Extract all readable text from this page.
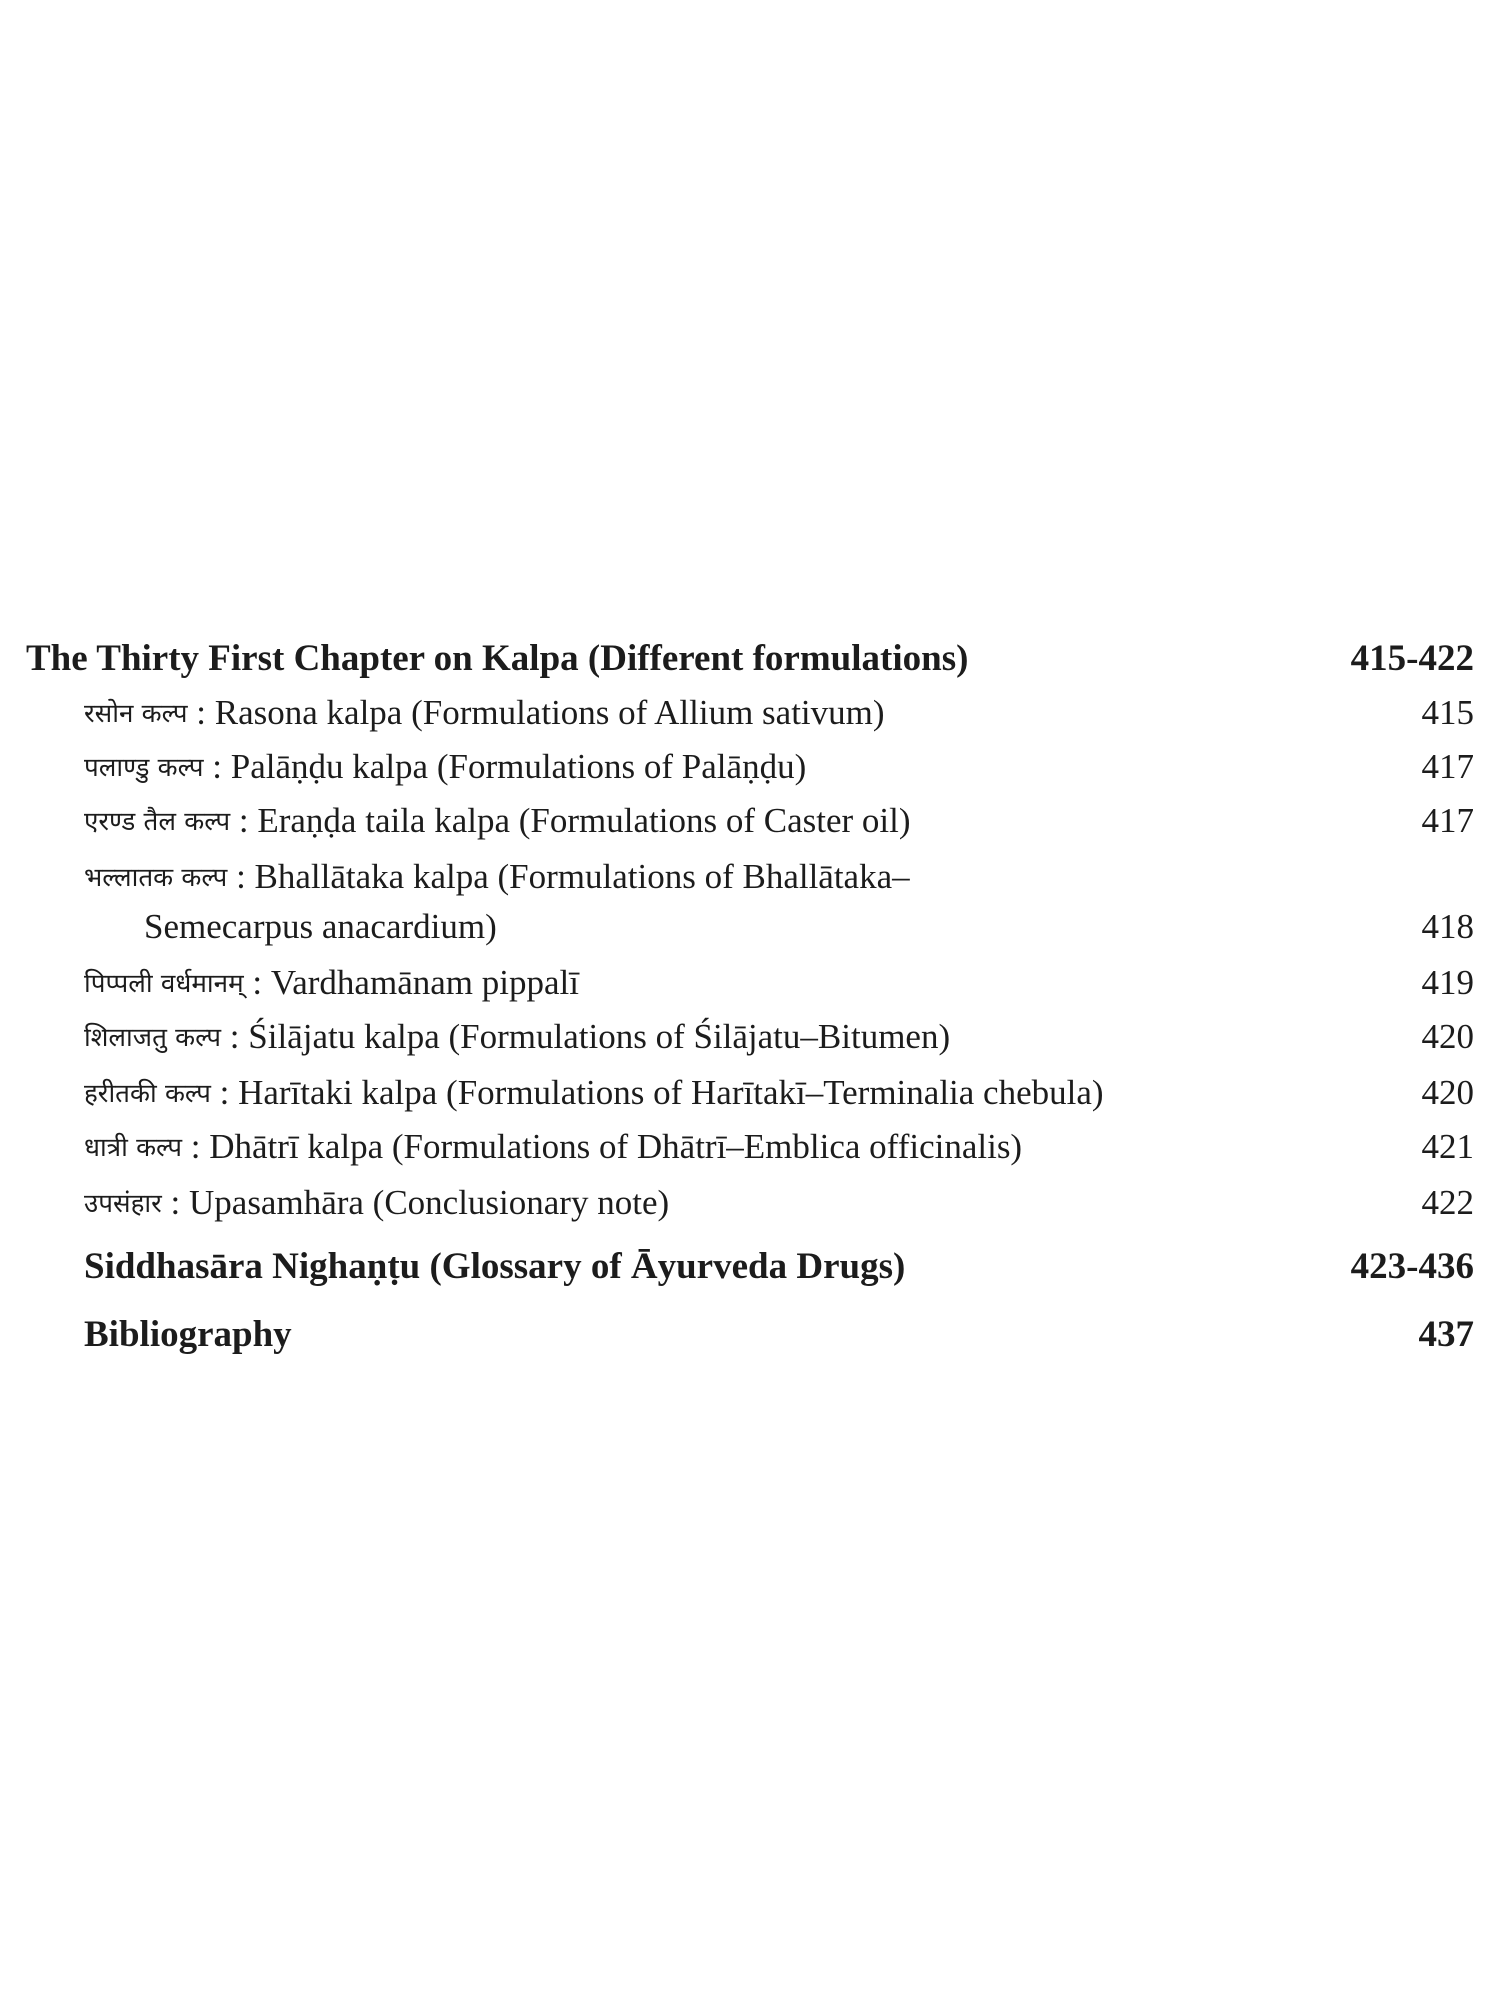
The Thirty First Chapter on Kalpa (Different formulations)	415-422
रसोन कल्प : Rasona kalpa (Formulations of Allium sativum)	415
पलाण्डु कल्प : Palāṇḍu kalpa (Formulations of Palāṇḍu)	417
एरण्ड तैल कल्प : Eraṇḍa taila kalpa (Formulations of Caster oil)	417
भल्लातक कल्प : Bhallātaka kalpa (Formulations of Bhallātaka–
Semecarpus anacardium)	418
पिप्पली वर्धमानम् : Vardhamānam pippalī	419
शिलाजतु कल्प : Śilājatu kalpa (Formulations of Śilājatu–Bitumen)	420
हरीतकी कल्प : Harītaki kalpa (Formulations of Harītakī–Terminalia chebula)	420
धात्री कल्प : Dhātrī kalpa (Formulations of Dhātrī–Emblica officinalis)	421
उपसंहार : Upasamhāra (Conclusionary note)	422
Siddhasāra Nighaṇṭu (Glossary of Āyurveda Drugs)	423-436
Bibliography	437
